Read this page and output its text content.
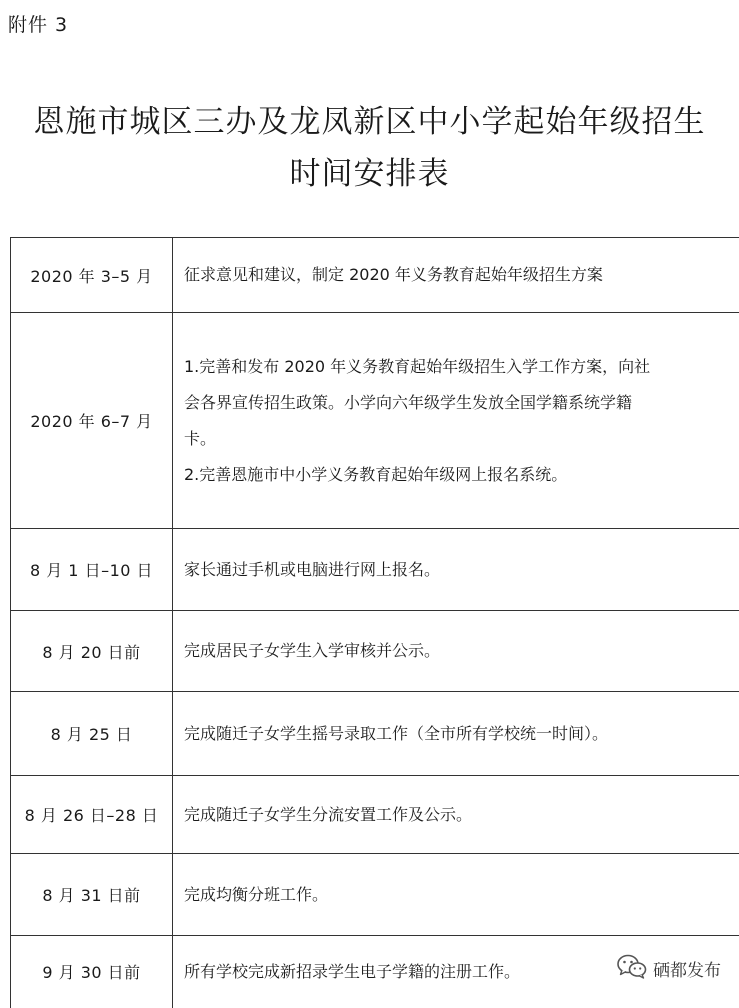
附件 3
恩施市城区三办及龙凤新区中小学起始年级招生
时间安排表
2020 年 3–5 月	征求意见和建议，制定 2020 年义务教育起始年级招生方案

2020 年 6–7 月	1.完善和发布 2020 年义务教育起始年级招生入学工作方案，向社
会各界宣传招生政策。小学向六年级学生发放全国学籍系统学籍
卡。
2.完善恩施市中小学义务教育起始年级网上报名系统。

8 月 1 日–10 日	家长通过手机或电脑进行网上报名。

8 月 20 日前	完成居民子女学生入学审核并公示。

8 月 25 日	完成随迁子女学生摇号录取工作（全市所有学校统一时间）。

8 月 26 日–28 日	完成随迁子女学生分流安置工作及公示。

8 月 31 日前	完成均衡分班工作。

9 月 30 日前	所有学校完成新招录学生电子学籍的注册工作。	硒都发布
